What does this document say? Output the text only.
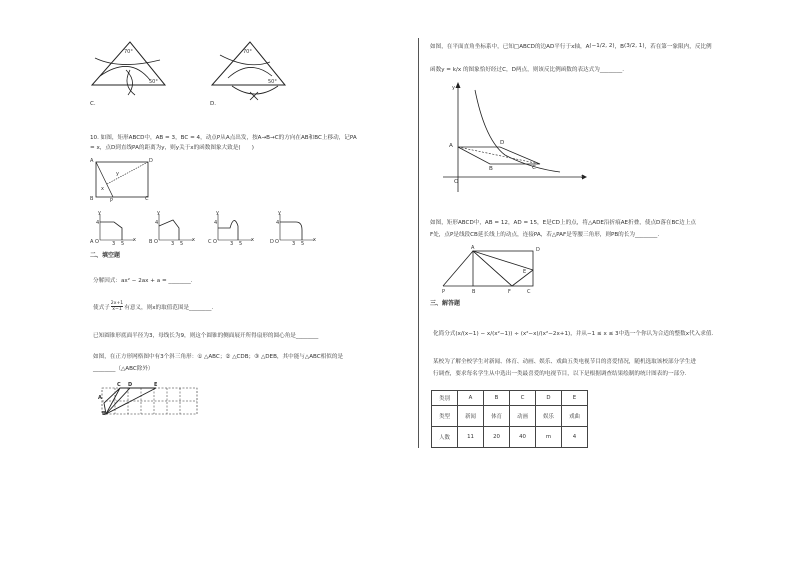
70°
50°
C.
70°
50°
D.
10. 如图，矩形ABCD中，AB = 3，BC = 4，动点P从A点出发，按A→B→C的方向在AB和BC上移动，记PA
= x，点D到直线PA的距离为y，则y关于x的函数图象大致是(　　)
A	D
B	P	C
x
y
y
4
A O	3 5
x
y
4
B O	3 5
x
y
4
C O	3 5
x
y
4
D O	3 5
x
二、填空题
分解因式：ax² − 2ax + a = ________.
使式子 $\frac{2x+1}{x-1}$ 有意义，则x的取值范围是________.
已知圆锥形底面半径为3，母线长为9，则这个圆锥的侧面展开所得扇形的圆心角是________
如图，在正方形网格图中有3个斜三角形：① △ABC；② △CDB；③ △DEB，其中能与△ABC相似的是
________（△ABC除外）
A
B
C D	E
如图，在平面直角坐标系中，已知□ABCD的边AD平行于x轴，A (−1/2, 2) ，B (3/2, 1) ，若在第一象限内，反比例
函数y = k/x 的图象恰好经过C，D两点，则该反比例函数的表达式为________.
y
x
O
A
B	C
D
如图，矩形ABCD中，AB = 12，AD = 15，E是CD上的点，将△ADE沿折痕AE折叠，使点D落在BC边上点
F处，点P是线段CB延长线上的动点，连接PA，若△PAF是等腰三角形，则PB的长为________.
A	D
E
P	B	F	C
三、解答题
化简分式(x/(x−1) − x/(x²−1)) ÷ (x²−x)/(x²−2x+1)，并从−1 ≤ x ≤ 3中选一个你认为合适的整数x代入求值.
某校为了解全校学生对新闻、体育、动画、娱乐、戏曲五类电视节目的喜爱情况，随机选取该校部分学生进
行调查，要求每名学生从中选出一类最喜爱的电视节目，以下是根据调查结果绘制的统计图表的一部分.
类别	A	B	C	D	E
类型	新闻	体育	动画	娱乐	戏曲
人数	11	20	40	m	4
